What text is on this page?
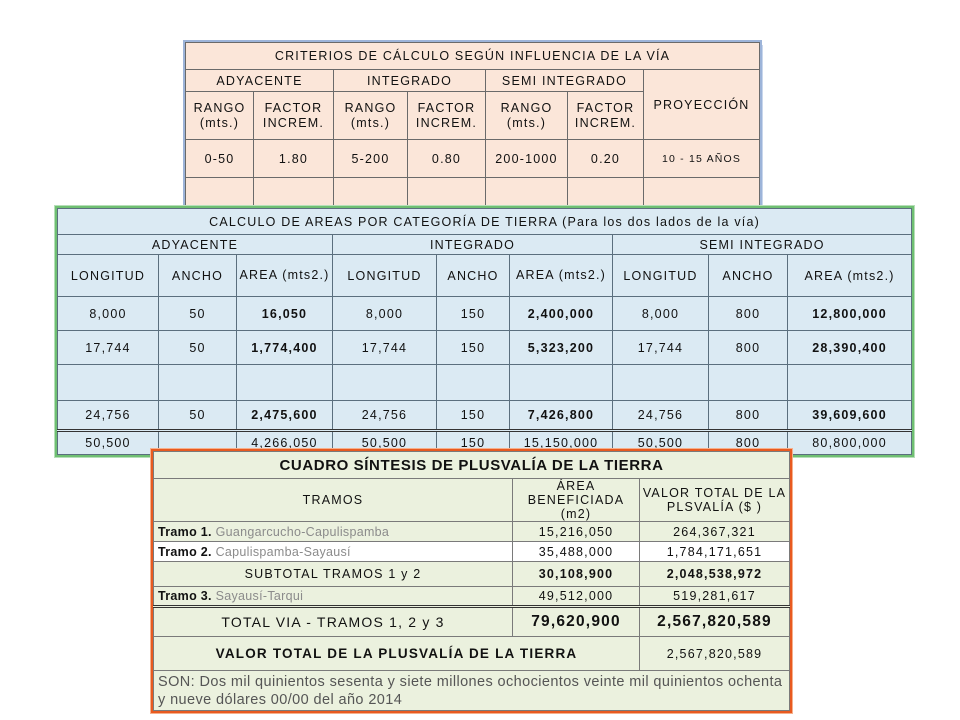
CRITERIOS DE CÁLCULO SEGÚN INFLUENCIA DE LA VÍA						
ADYACENTE		INTEGRADO		SEMI INTEGRADO		PROYECCIÓN
RANGO (mts.)	FACTOR INCREM.	RANGO (mts.)	FACTOR INCREM.	RANGO (mts.)	FACTOR INCREM.	
0-50	1.80	5-200	0.80	200-1000	0.20	10 - 15 AÑOS

CALCULO DE AREAS POR CATEGORÍA DE TIERRA (Para los dos lados de la vía)								
ADYACENTE			INTEGRADO			SEMI INTEGRADO		
LONGITUD	ANCHO	AREA (mts2.)	LONGITUD	ANCHO	AREA (mts2.)	LONGITUD	ANCHO	AREA (mts2.)
8,000	50	16,050	8,000	150	2,400,000	8,000	800	12,800,000
17,744	50	1,774,400	17,744	150	5,323,200	17,744	800	28,390,400

24,756	50	2,475,600	24,756	150	7,426,800	24,756	800	39,609,600
50,500		4,266,050	50,500	150	15,150,000	50,500	800	80,800,000
CUADRO SÍNTESIS DE PLUSVALÍA DE LA TIERRA		
TRAMOS	ÁREA BENEFICIADA (m2)	VALOR TOTAL DE LA PLSVALÍA ($ )
Tramo 1. Guangarcucho-Capulispamba	15,216,050	264,367,321
Tramo 2. Capulispamba-Sayausí	35,488,000	1,784,171,651
SUBTOTAL TRAMOS 1 y 2	30,108,900	2,048,538,972
Tramo 3. Sayausí-Tarqui	49,512,000	519,281,617
TOTAL VIA - TRAMOS 1, 2 y 3	79,620,900	2,567,820,589
VALOR TOTAL DE LA PLUSVALÍA DE LA TIERRA		2,567,820,589
SON: Dos mil quinientos sesenta y siete millones ochocientos veinte mil quinientos ochenta y nueve dólares 00/00 del año 2014		
